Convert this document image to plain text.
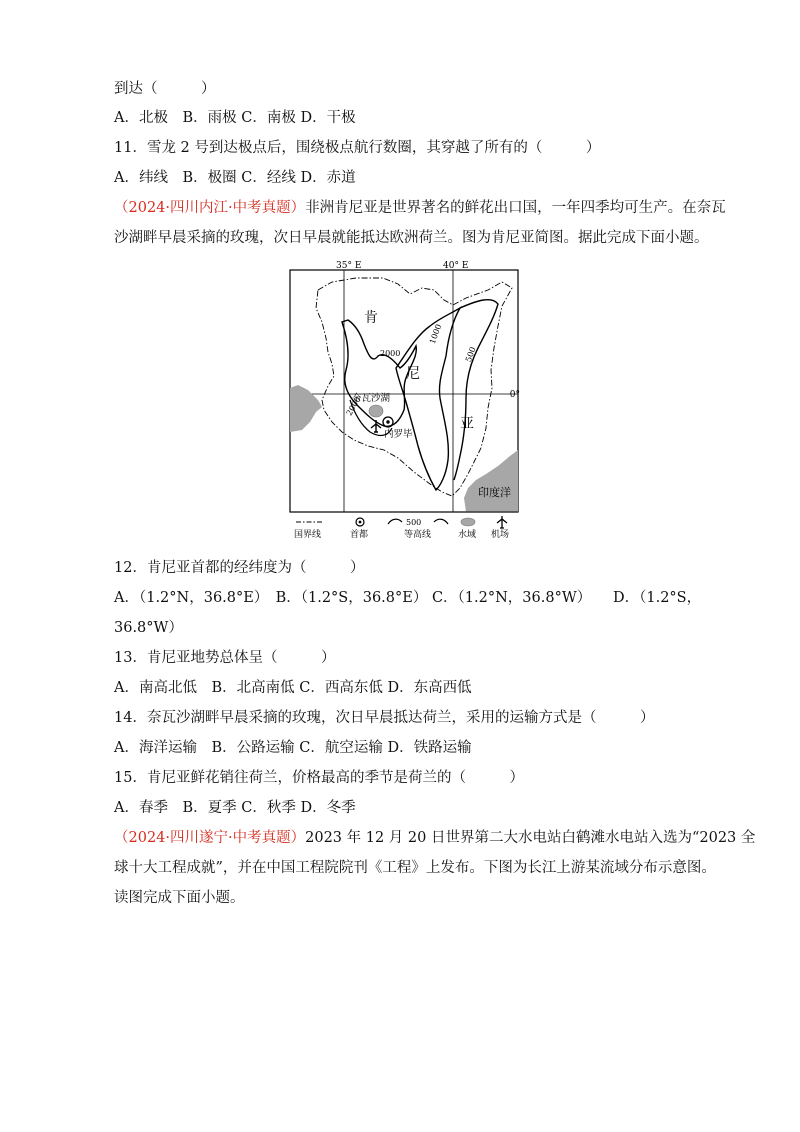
到达（　　　）
A．北极　B．雨极 C．南极 D．干极
11．雪龙 2 号到达极点后，围绕极点航行数圈，其穿越了所有的（　　　）
A．纬线　B．极圈 C．经线 D．赤道
（2024·四川内江·中考真题）非洲肯尼亚是世界著名的鲜花出口国，一年四季均可生产。在奈瓦
沙湖畔早晨采摘的玫瑰，次日早晨就能抵达欧洲荷兰。图为肯尼亚简图。据此完成下面小题。
35° E	40° E
0°
印度洋
2000
2000
1000
500
肯
尼
亚
奈瓦沙湖
内罗毕
国界线	首都
500
等高线	水域 机场
12．肯尼亚首都的经纬度为（　　　）
A．（1.2°N，36.8°E）　B．（1.2°S，36.8°E） C．（1.2°N，36.8°W）　　D．（1.2°S，
36.8°W）
13．肯尼亚地势总体呈（　　　）
A．南高北低　B．北高南低 C．西高东低 D．东高西低
14．奈瓦沙湖畔早晨采摘的玫瑰，次日早晨抵达荷兰，采用的运输方式是（　　　）
A．海洋运输　B．公路运输 C．航空运输 D．铁路运输
15．肯尼亚鲜花销往荷兰，价格最高的季节是荷兰的（　　　）
A．春季　B．夏季 C．秋季 D．冬季
（2024·四川遂宁·中考真题）2023 年 12 月 20 日世界第二大水电站白鹤滩水电站入选为“2023 全
球十大工程成就”，并在中国工程院院刊《工程》上发布。下图为长江上游某流域分布示意图。
读图完成下面小题。
